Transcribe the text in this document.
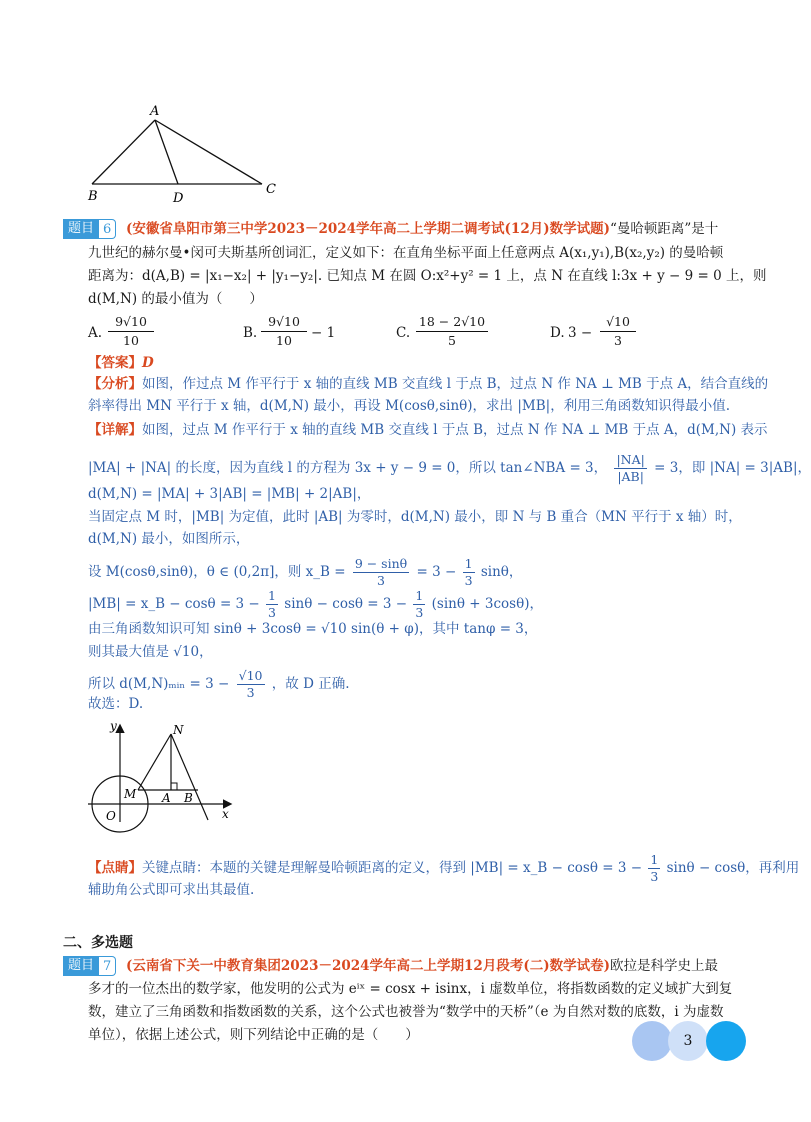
A
B	D
C
题目 6	(安徽省阜阳市第三中学2023－2024学年高二上学期二调考试(12月)数学试题)“曼哈顿距离”是十
九世纪的赫尔曼•闵可夫斯基所创词汇，定义如下：在直角坐标平面上任意两点 A(x₁,y₁),B(x₂,y₂) 的曼哈顿
距离为：d(A,B) = |x₁−x₂| + |y₁−y₂|. 已知点 M 在圆 O:x²+y² = 1 上，点 N 在直线 l:3x + y − 9 = 0 上，则
d(M,N) 的最小值为（　　）
A.
9√10
10	B.
9√10
10	− 1	C.
18 − 2√10
5	D. 3 −
√10
3
【答案】D
【分析】如图，作过点 M 作平行于 x 轴的直线 MB 交直线 l 于点 B，过点 N 作 NA ⊥ MB 于点 A，结合直线的
斜率得出 MN 平行于 x 轴，d(M,N) 最小，再设 M(cosθ,sinθ)，求出 |MB|，利用三角函数知识得最小值.
【详解】如图，过点 M 作平行于 x 轴的直线 MB 交直线 l 于点 B，过点 N 作 NA ⊥ MB 于点 A，d(M,N) 表示
|MA| + |NA| 的长度，因为直线 l 的方程为 3x + y − 9 = 0，所以 tan∠NBA = 3， $\frac{|NA|}{|AB|} = 3$，即 |NA| = 3|AB|，
d(M,N) = |MA| + 3|AB| = |MB| + 2|AB|，
当固定点 M 时，|MB| 为定值，此时 |AB| 为零时，d(M,N) 最小，即 N 与 B 重合（MN 平行于 x 轴）时，
d(M,N) 最小，如图所示，
设 M(cosθ,sinθ)，θ ∈ (0,2π]，则 x_B = $\frac{9 - \sin\theta}{3} = 3 - \frac{1}{3}$ sinθ，
|MB| = x_B − $\cos\theta = 3 - \frac{1}{3}$ $\sin\theta - \cos\theta = 3 - \frac{1}{3} (\sin\theta + 3\cos\theta)$，
由三角函数知识可知 sinθ + 3cosθ = √10 sin(θ + φ)，其中 tanφ = 3，
则其最大值是 √10，
所以 d(M,N)ₘᵢₙ = $3 - \frac{√10}{3}$ ，故 D 正确.
故选：D.
y
x
O
M A B
N
【点睛】关键点睛：本题的关键是理解曼哈顿距离的定义，得到 |MB| = x_B − $\cos\theta = 3 - \frac{1}{3}$ sinθ − cosθ，再利用
辅助角公式即可求出其最值.
二、多选题
题目 7	(云南省下关一中教育集团2023－2024学年高二上学期12月段考(二)数学试卷)欧拉是科学史上最
多才的一位杰出的数学家，他发明的公式为 eⁱˣ = cosx + isinx，i 虚数单位，将指数函数的定义域扩大到复
数，建立了三角函数和指数函数的关系，这个公式也被誉为“数学中的天桥”（e 为自然对数的底数，i 为虚数
单位），依据上述公式，则下列结论中正确的是（　　）	3
